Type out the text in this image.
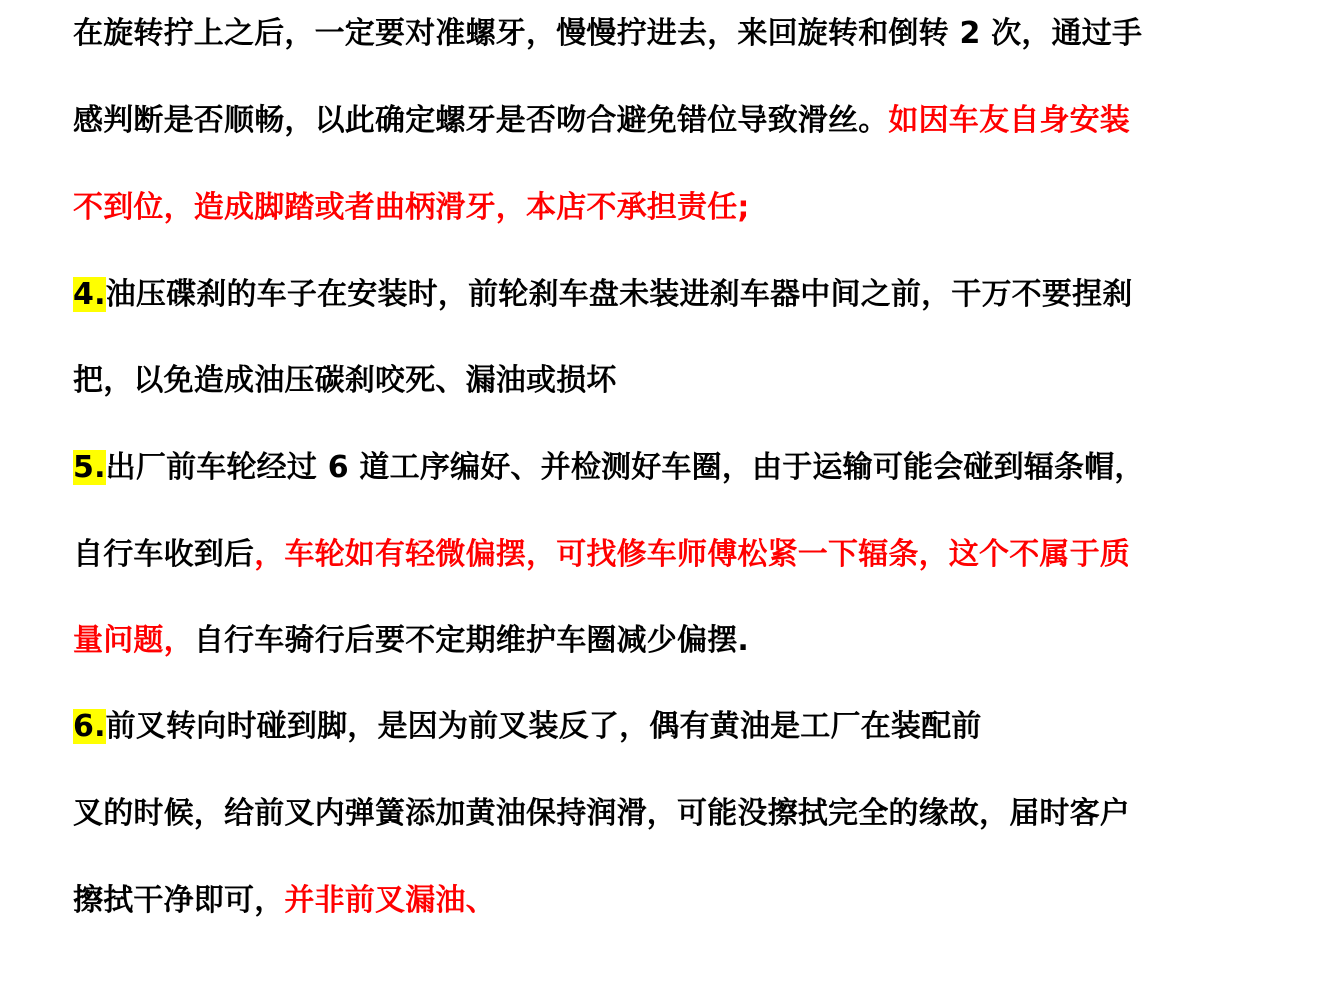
在旋转拧上之后，一定要对准螺牙，慢慢拧进去，来回旋转和倒转 2 次，通过手
感判断是否顺畅，以此确定螺牙是否吻合避免错位导致滑丝。如因车友自身安装
不到位，造成脚踏或者曲柄滑牙，本店不承担责任;
4.油压碟刹的车子在安装时，前轮刹车盘未装进刹车器中间之前，干万不要捏刹
把，以免造成油压碳刹咬死、漏油或损坏
5.出厂前车轮经过 6 道工序编好、并检测好车圈，由于运输可能会碰到辐条帽，
自行车收到后，车轮如有轻微偏摆，可找修车师傅松紧一下辐条，这个不属于质
量问题，自行车骑行后要不定期维护车圈减少偏摆.
6.前叉转向时碰到脚，是因为前叉装反了，偶有黄油是工厂在装配前
叉的时候，给前叉内弹簧添加黄油保持润滑，可能没擦拭完全的缘故，届时客户
擦拭干净即可，并非前叉漏油、
